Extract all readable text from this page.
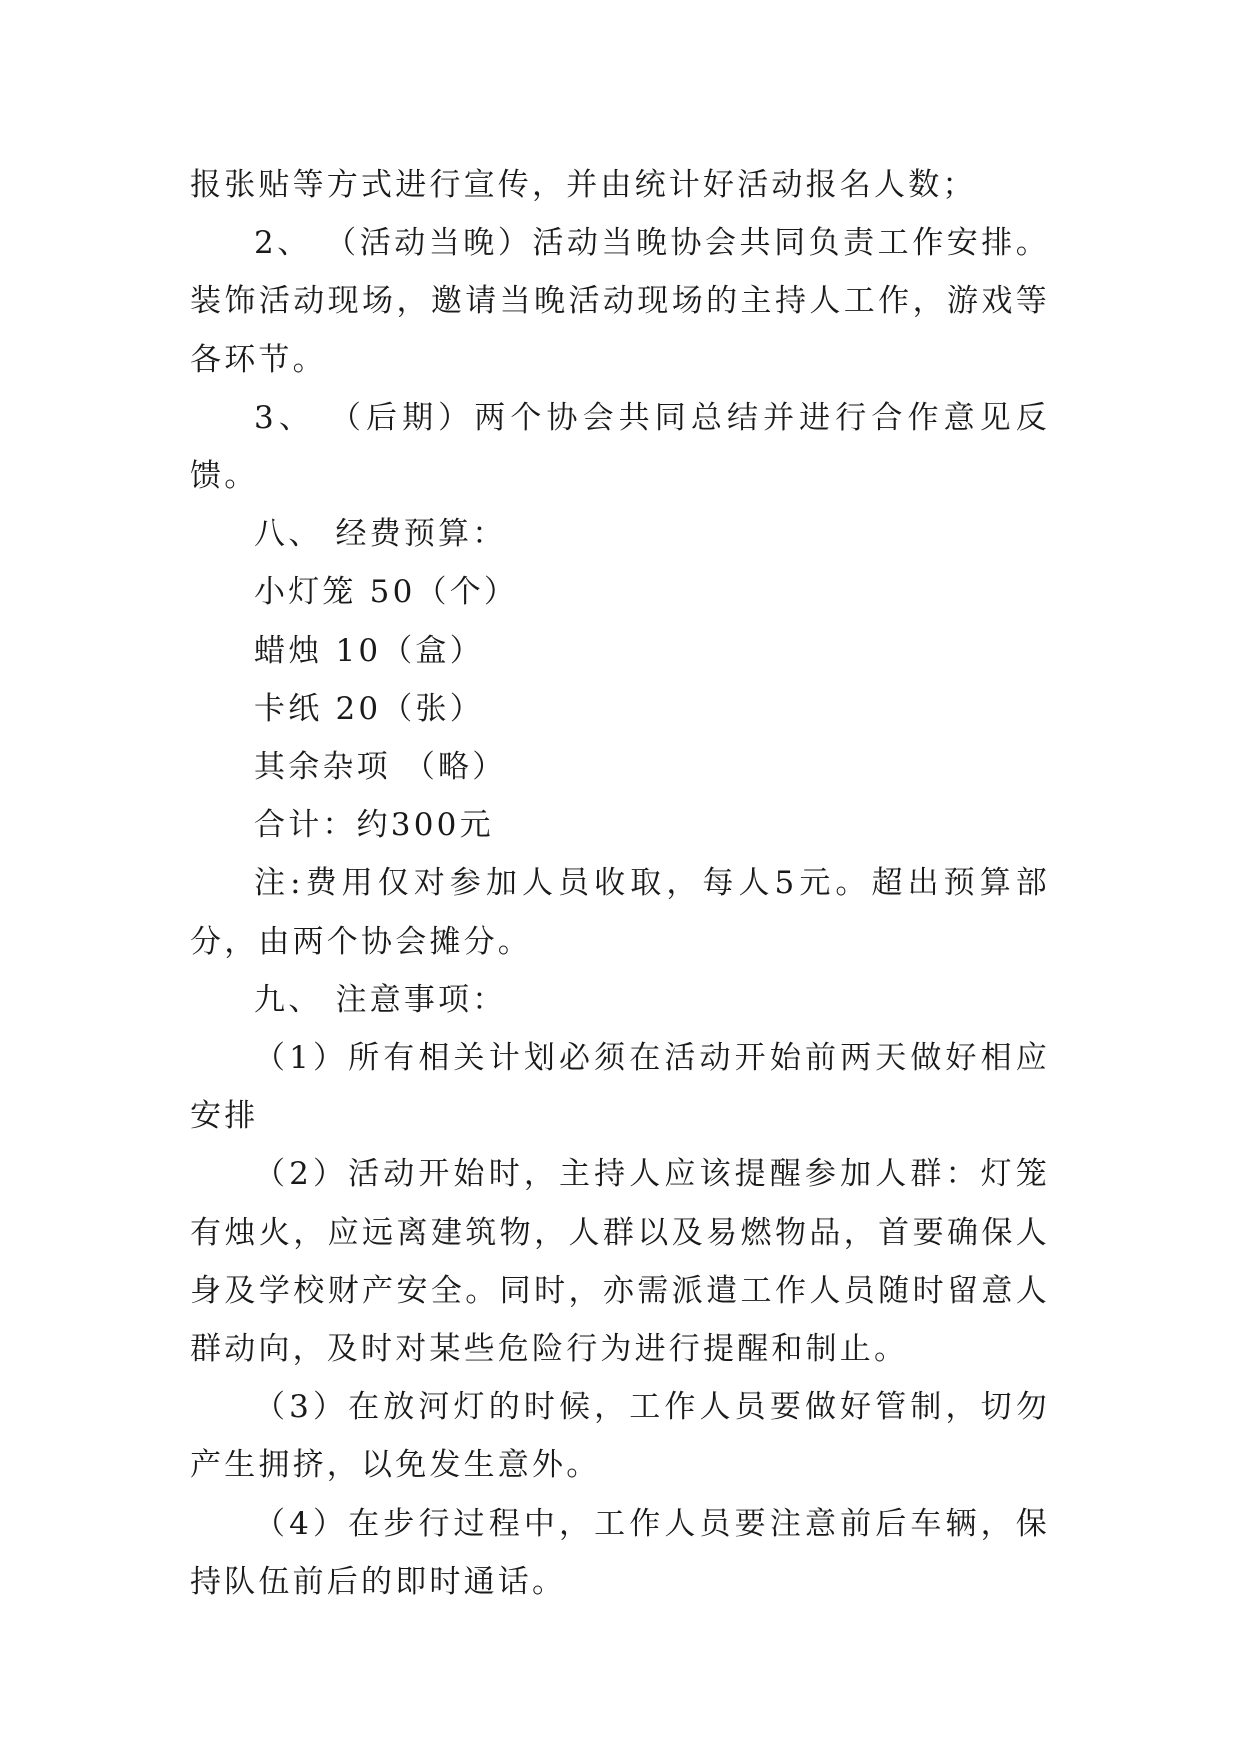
报张贴等方式进行宣传，并由统计好活动报名人数；

2、 （活动当晚）活动当晚协会共同负责工作安排。装饰活动现场，邀请当晚活动现场的主持人工作，游戏等各环节。

3、 （后期）两个协会共同总结并进行合作意见反馈。

八、 经费预算：

小灯笼 50（个）

蜡烛 10（盒）

卡纸 20（张）

其余杂项 （略）

合计：约300元

注:费用仅对参加人员收取，每人5元。超出预算部分，由两个协会摊分。

九、 注意事项：

（1）所有相关计划必须在活动开始前两天做好相应安排

（2）活动开始时，主持人应该提醒参加人群：灯笼有烛火，应远离建筑物，人群以及易燃物品，首要确保人身及学校财产安全。同时，亦需派遣工作人员随时留意人群动向，及时对某些危险行为进行提醒和制止。

（3）在放河灯的时候，工作人员要做好管制，切勿产生拥挤，以免发生意外。

（4）在步行过程中，工作人员要注意前后车辆，保持队伍前后的即时通话。
